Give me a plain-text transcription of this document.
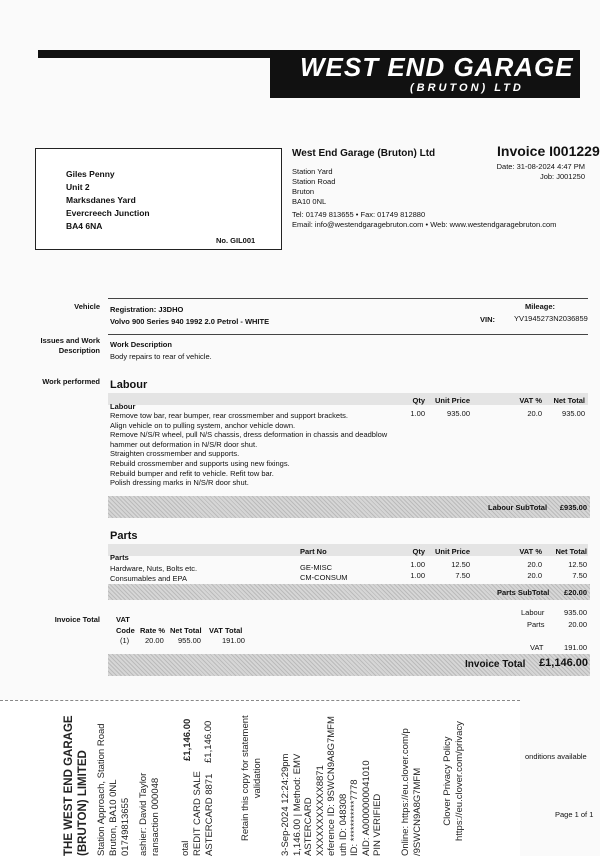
WEST END GARAGE
(BRUTON) LTD
Giles Penny
Unit 2
Marksdanes Yard
Evercreech Junction
BA4 6NA
No. GIL001
West End Garage (Bruton) Ltd
Station Yard
Station Road
Bruton
BA10 0NL
Tel: 01749 813655 • Fax: 01749 812880
Email: info@westendgaragebruton.com • Web: www.westendgaragebruton.com
Invoice I001229
Date: 31-08-2024 4:47 PM
Job: J001250
Vehicle Registration: J3DHO
Volvo 900 Series 940 1992 2.0 Petrol - WHITE
Mileage:
VIN:	YV1945273N2036859
Issues and Work Description
Work Description
Body repairs to rear of vehicle.
Work performed Labour
Labour
Qty	Unit Price	VAT %	Net Total
Remove tow bar, rear bumper, rear crossmember and support brackets.
Align vehicle on to pulling system, anchor vehicle down.
Remove N/S/R wheel, pull N/S chassis, dress deformation in chassis and deadblow
hammer out deformation in N/S/R door shut.
Straighten crossmember and supports.
Rebuild crossmember and supports using new fixings.
Rebuild bumper and refit to vehicle. Refit tow bar.
Polish dressing marks in N/S/R door shut.
1.00	935.00	20.0	935.00
Labour SubTotal	£935.00
Parts
Parts
Part No	Qty	Unit Price	VAT %	Net Total
Hardware, Nuts, Bolts etc.	GE-MISC	1.00	12.50	20.0	12.50
Consumables and EPA	CM-CONSUM	1.00	7.50	20.0	7.50
Parts SubTotal	£20.00
Invoice Total VAT
Code Rate % Net Total VAT Total
(1) 20.00 955.00	191.00
Labour	935.00
Parts	20.00
VAT	191.00
Invoice Total	£1,146.00
onditions available
Page 1 of 1
THE WEST END GARAGE (BRUTON) LIMITED Station Approach, Station Road Bruton, BA10 0NL 01749813655 ashier: David Taylor ransaction 000048 otal REDIT CARD SALE ASTERCARD 8871
£1,146.00 £1,146.00	Retain this copy for statement validation 3-Sep-2024 12:24:29pm 1,146.00 | Method: EMV ASTERCARD XXXXXXXXXXX8871 eference ID: 9SWCN9A8G7MFM uth ID: 048308 ID: ***********7778 AID: A0000000041010 PIN VERIFIED Online: https://eu.clover.com/p /9SWCN9A8G7MFM Clover Privacy Policy https://eu.clover.com/privacy
